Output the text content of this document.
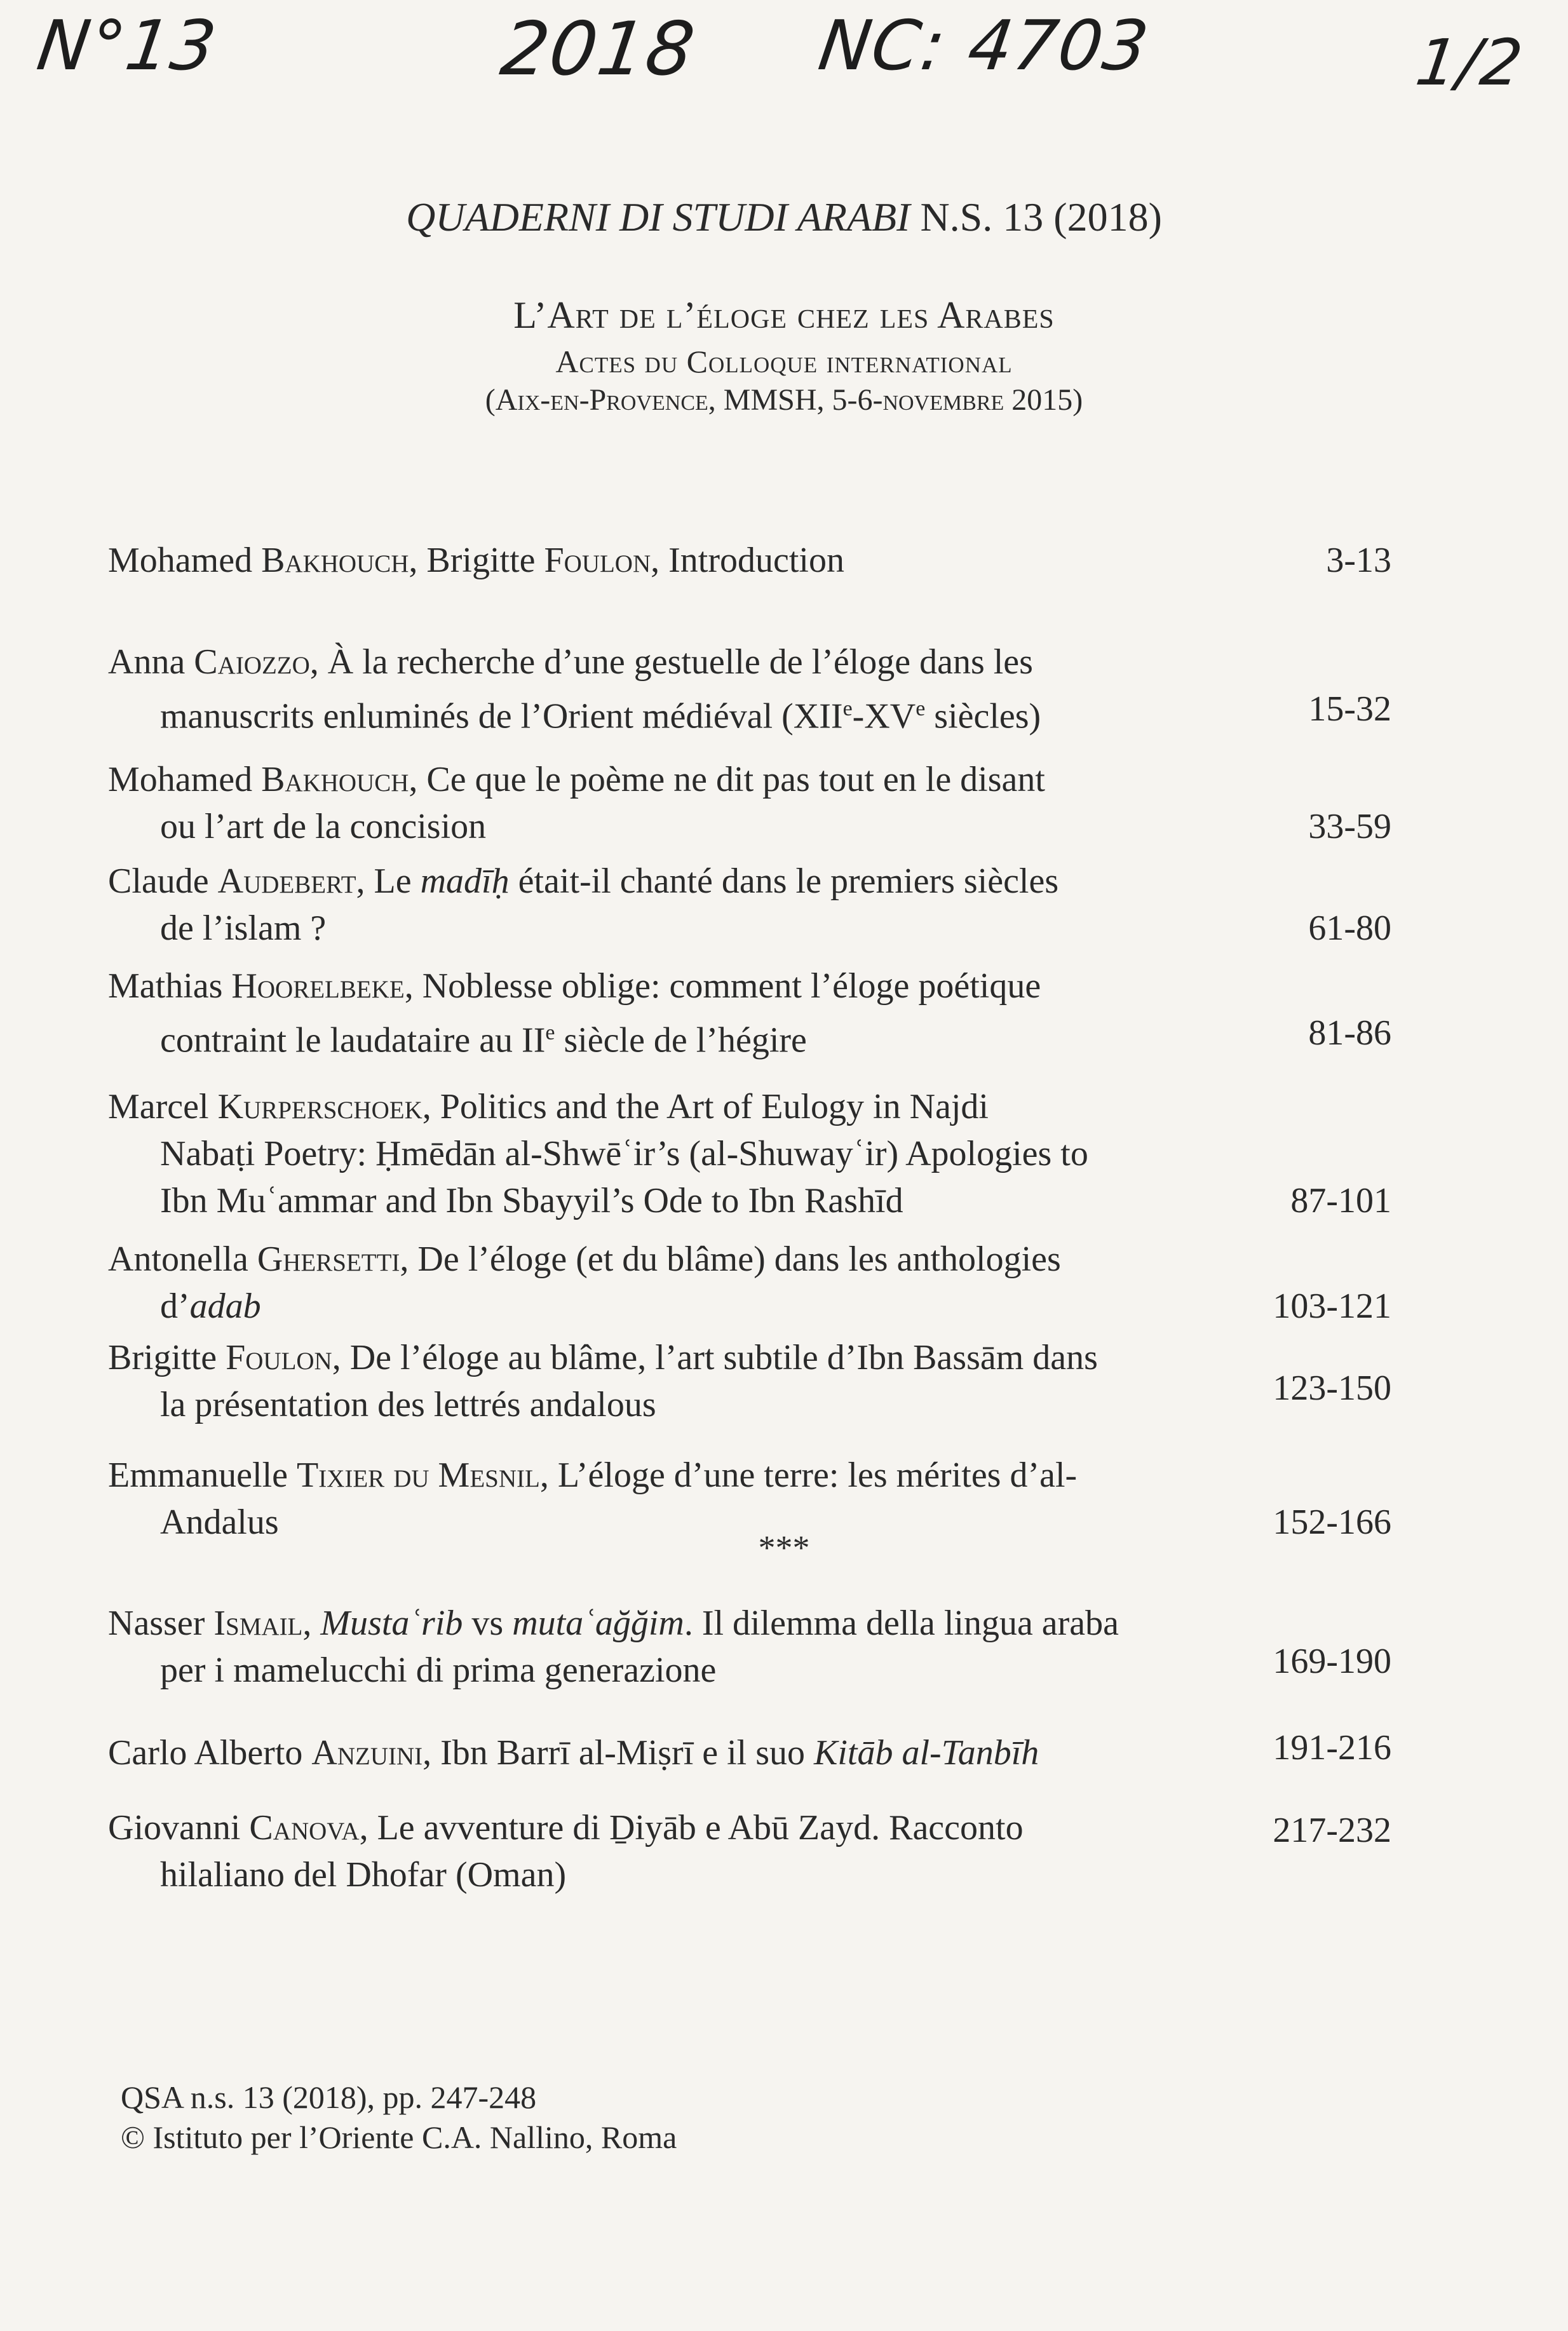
N°13	2018 NC: 4703	1/2
QUADERNI DI STUDI ARABI N.S. 13 (2018)
L’Art de l’éloge chez les Arabes
Actes du Colloque international
(Aix-en-Provence, MMSH, 5-6-novembre 2015)
Mohamed Bakhouch, Brigitte Foulon, Introduction	3-13
Anna Caiozzo, À la recherche d’une gestuelle de l’éloge dans les
manuscrits enluminés de l’Orient médiéval (XIIe-XVe siècles)	15-32
Mohamed Bakhouch, Ce que le poème ne dit pas tout en le disant
ou l’art de la concision	33-59
Claude Audebert, Le madīḥ était-il chanté dans le premiers siècles
de l’islam ?	61-80
Mathias Hoorelbeke, Noblesse oblige: comment l’éloge poétique
contraint le laudataire au IIe siècle de l’hégire	81-86
Marcel Kurperschoek, Politics and the Art of Eulogy in Najdi
Nabaṭi Poetry: Ḥmēdān al-Shwēʿir’s (al-Shuwayʿir) Apologies to
Ibn Muʿammar and Ibn Sbayyil’s Ode to Ibn Rashīd	87-101
Antonella Ghersetti, De l’éloge (et du blâme) dans les anthologies
d’adab	103-121
Brigitte Foulon, De l’éloge au blâme, l’art subtile d’Ibn Bassām dans
la présentation des lettrés andalous	123-150
Emmanuelle Tixier du Mesnil, L’éloge d’une terre: les mérites d’al-
Andalus	152-166
Nasser Ismail, Mustaʿrib vs mutaʿağğim. Il dilemma della lingua araba
per i mamelucchi di prima generazione	169-190
Carlo Alberto Anzuini, Ibn Barrī al-Miṣrī e il suo Kitāb al-Tanbīh	191-216
Giovanni Canova, Le avventure di Ḏiyāb e Abū Zayd. Racconto
hilaliano del Dhofar (Oman)
217-232
***
QSA n.s. 13 (2018), pp. 247-248
© Istituto per l’Oriente C.A. Nallino, Roma
